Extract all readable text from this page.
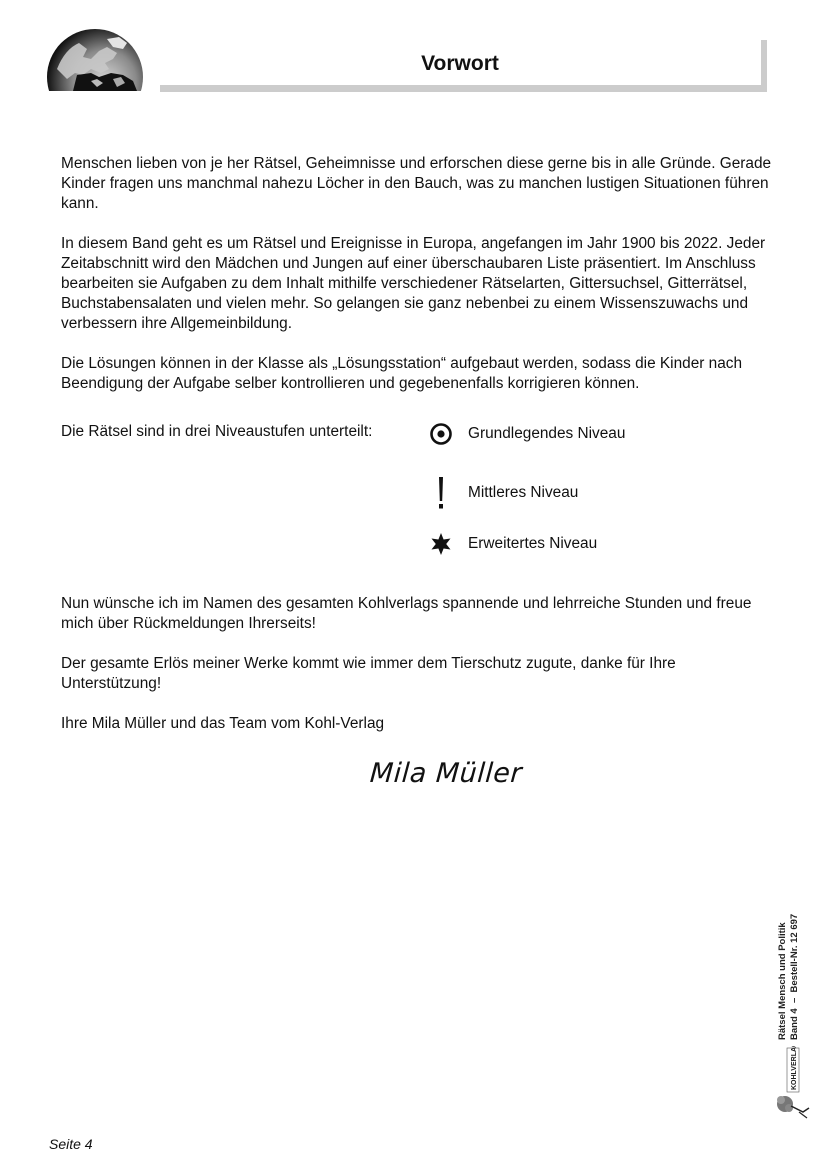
Vorwort

Menschen lieben von je her Rätsel, Geheimnisse und erforschen diese gerne bis in alle Gründe. Gerade Kinder fragen uns manchmal nahezu Löcher in den Bauch, was zu manchen lustigen Situationen führen kann.

In diesem Band geht es um Rätsel und Ereignisse in Europa, angefangen im Jahr 1900 bis 2022. Jeder Zeitabschnitt wird den Mädchen und Jungen auf einer überschaubaren Liste präsentiert. Im Anschluss bearbeiten sie Aufgaben zu dem Inhalt mithilfe verschiedener Rätselarten, Gittersuchsel, Gitterrätsel, Buchstabensalaten und vielen mehr. So gelangen sie ganz nebenbei zu einem Wissenszuwachs und verbessern ihre Allgemeinbildung.

Die Lösungen können in der Klasse als „Lösungsstation“ aufgebaut werden, sodass die Kinder nach Beendigung der Aufgabe selber kontrollieren und gegebenenfalls korrigieren können.

Die Rätsel sind in drei Niveaustufen unterteilt:	Grundlegendes Niveau
Mittleres Niveau
Erweitertes Niveau

Nun wünsche ich im Namen des gesamten Kohlverlags spannende und lehrreiche Stunden und freue mich über Rückmeldungen Ihrerseits!

Der gesamte Erlös meiner Werke kommt wie immer dem Tierschutz zugute, danke für Ihre Unterstützung!

Ihre Mila Müller und das Team vom Kohl-Verlag

Mila Müller
Rätsel Mensch und Politik Band 4  –  Bestell-Nr. 12 697
KOHLVERLAG
Seite 4
